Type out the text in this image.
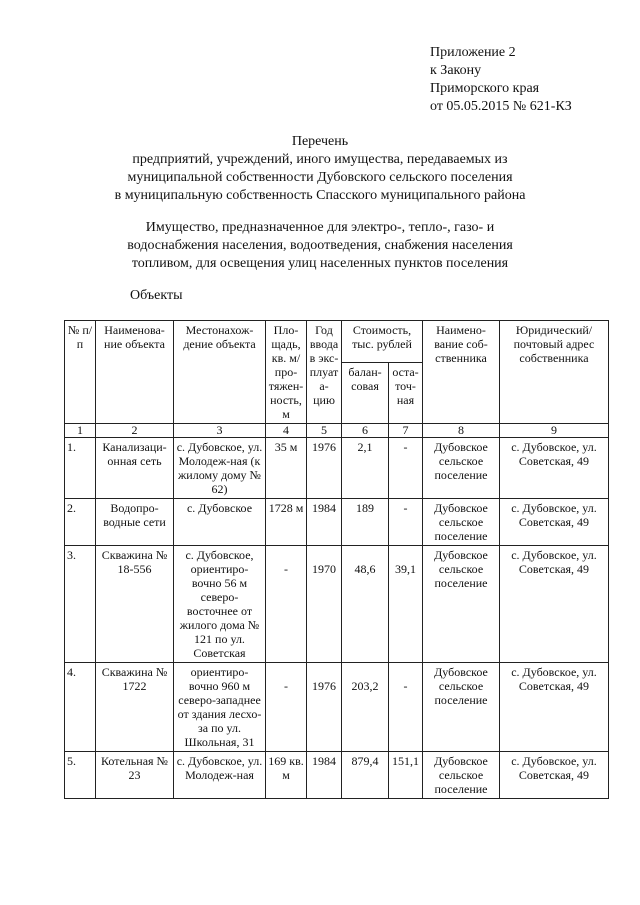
Приложение 2
к Закону
Приморского края
от 05.05.2015 № 621-КЗ
Перечень
предприятий, учреждений, иного имущества, передаваемых из
муниципальной собственности Дубовского сельского поселения
в муниципальную собственность Спасского муниципального района
Имущество, предназначенное для электро-, тепло-, газо- и
водоснабжения населения, водоотведения, снабжения населения
топливом, для освещения улиц населенных пунктов поселения
Объекты
№ п/п	Наименова-ние объекта	Местонахож-дение объекта	Пло-щадь, кв. м/ про-тяжен-ность, м	Год ввода в экс-плуата-цию	Стоимость, тыс. рублей		Наимено-вание соб-ственника	Юридический/ почтовый адрес собственника
					балан-совая	оста-точ-ная		
1	2	3	4	5	6	7	8	9
1.	Канализаци-онная сеть	с. Дубовское, ул. Молодеж-ная (к жилому дому № 62)	35 м	1976	2,1	-	Дубовское сельское поселение	с. Дубовское, ул. Советская, 49
2.	Водопро-водные сети	с. Дубовское	1728 м	1984	189	-	Дубовское сельское поселение	с. Дубовское, ул. Советская, 49
3.	Скважина № 18-556	с. Дубовское, ориентиро-вочно 56 м северо-восточнее от жилого дома № 121 по ул. Советская	-	1970	48,6	39,1	Дубовское сельское поселение	с. Дубовское, ул. Советская, 49
4.	Скважина № 1722	ориентиро-вочно 960 м северо-западнее от здания лесхо-за по ул. Школьная, 31	-	1976	203,2	-	Дубовское сельское поселение	с. Дубовское, ул. Советская, 49
5.	Котельная № 23	с. Дубовское, ул. Молодеж-ная	169 кв. м	1984	879,4	151,1	Дубовское сельское поселение	с. Дубовское, ул. Советская, 49
